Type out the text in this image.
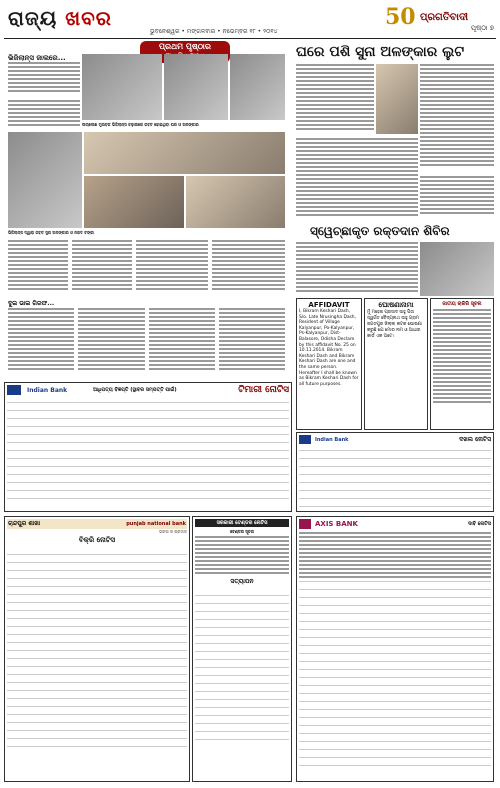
ରାଜ୍ୟ ଖବର
ଭୁବନେଶ୍ୱର • ମଙ୍ଗଳବାର • ନଭେମ୍ବର ୧୮ • ୨୦୧୪
50 ପ୍ରଗତିବାଦୀ
ପୃଷ୍ଠା ୭
ପ୍ରଥମ ପୃଷ୍ଠାର
ଭିଜିଲାନ୍ସ ଜାଲରେ...
ଉଲ୍ଲେଖ ମୁତାବକ ଭିଜିଲାନ୍ସ ଚଢ଼ାଉରେ ଜବତ ହୋଇଥିବା ଘର ଓ ଅଳଙ୍କାର
ଭିଜିଲାନ୍ସ ଦ୍ୱାରା ଜବତ ସୁନା ଅଳଙ୍କାର ଓ ନଗଦ ଟଙ୍କା
ଦୁଇ ଭାଇ ଗିରଫ...
ଘରେ ପଶି ସୁନା ଅଳଙ୍କାର ଲୁଟ
ସ୍ୱେଚ୍ଛାକୃତ ରକ୍ତଦାନ ଶିବିର
AFFIDAVIT
I, Bikram Keshari Dash, S/o. Late Nrusingha Dash, Resident of Village Kalyanpur, Po-Kalyanpur, Ps-Kalyanpur, Dist-Balasore, Odisha Declare by this affidavit No. 25 on 10.11.2014. Bikram Keshari Dash and Bikram Keshari Dash are one and the same person. Hereafter I shall be known as Bikram Keshari Dash for all future purposes.
ଘୋଷଣାନାମା
ମୁଁ ମହେଶ ପ୍ରସାଦ ସାହୁ ପିତା ସ୍ୱର୍ଗତ ବୈଦ୍ୟନାଥ ସାହୁ ଗ୍ରାମ ଜଗତପୁର ଜିଲ୍ଲା କଟକ ଘୋଷଣା କରୁଛି ଯେ ମୋର ନାମ ଓ ଆଧାର କାର୍ଡ ଏକ ଅଟେ।
ଜାତୀୟ ଚାକିରି ସୂଚନା
Indian Bank	ଆଧିପତ୍ୟ ବିଜ୍ଞପ୍ତି (ସ୍ଥାବର ସମ୍ପତ୍ତି ପାଇଁ)	ଟିମାରୀ ନୋଟିସ
Indian Bank	ଦଖଲ ନୋଟିସ
ଚାନ୍ଦପୁର ଶାଖା	punjab national bank
ଭରସା ର ପ୍ରତୀକ
ବିକ୍ରି ନୋଟିସ
ସରକାରୀ ଟେଣ୍ଡର ନୋଟିସ
ଟେଣ୍ଡର ସୂଚନା
ସତ୍ୟାପନ
AXIS BANK	ଦାବି ନୋଟିସ
